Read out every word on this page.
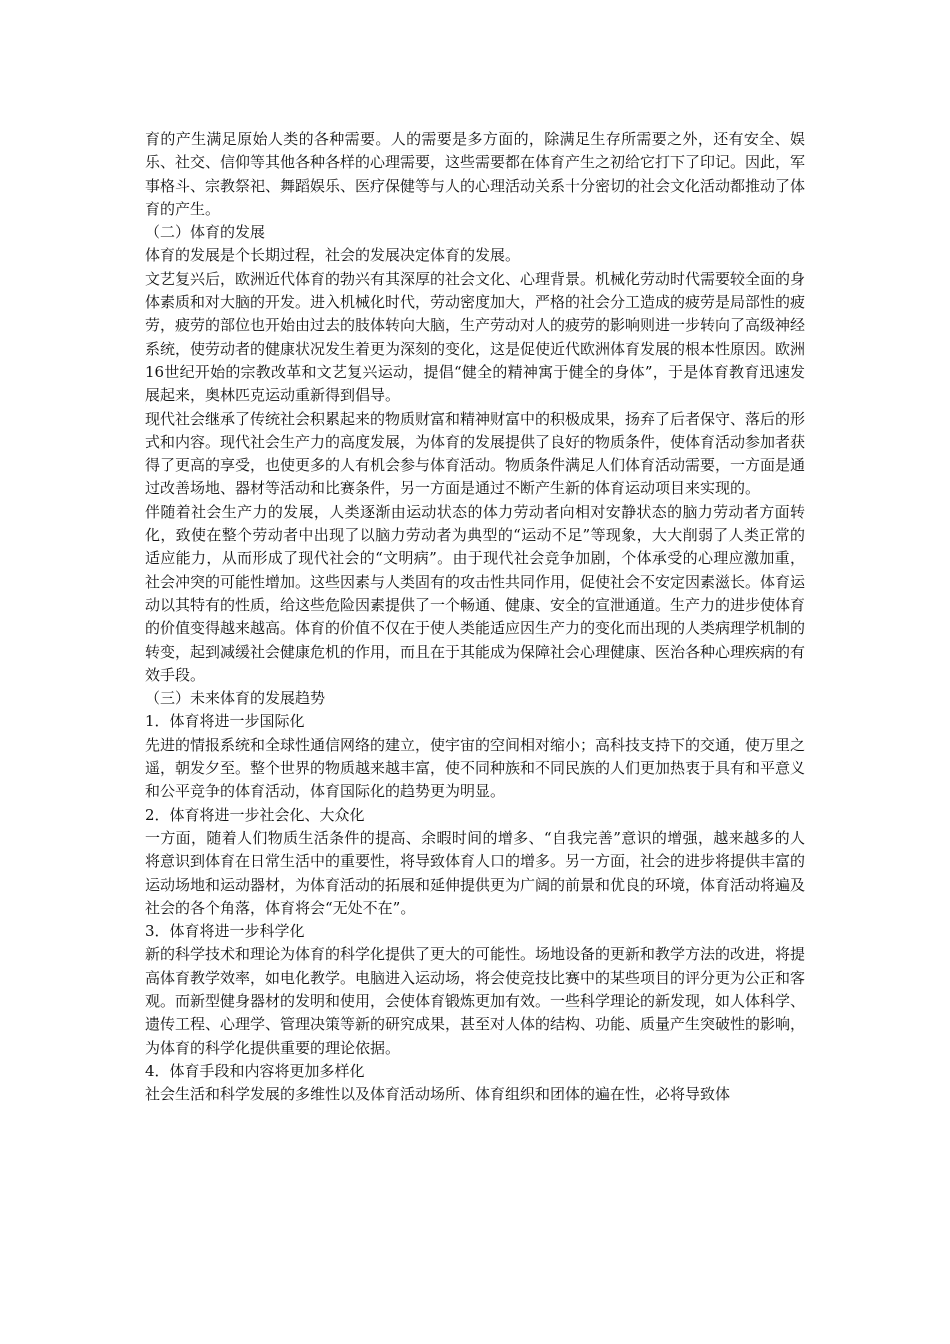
育的产生满足原始人类的各种需要。人的需要是多方面的，除满足生存所需要之外，还有安全、娱乐、社交、信仰等其他各种各样的心理需要，这些需要都在体育产生之初给它打下了印记。因此，军事格斗、宗教祭祀、舞蹈娱乐、医疗保健等与人的心理活动关系十分密切的社会文化活动都推动了体育的产生。

（二）体育的发展

体育的发展是个长期过程，社会的发展决定体育的发展。

文艺复兴后，欧洲近代体育的勃兴有其深厚的社会文化、心理背景。机械化劳动时代需要较全面的身体素质和对大脑的开发。进入机械化时代，劳动密度加大，严格的社会分工造成的疲劳是局部性的疲劳，疲劳的部位也开始由过去的肢体转向大脑，生产劳动对人的疲劳的影响则进一步转向了高级神经系统，使劳动者的健康状况发生着更为深刻的变化，这是促使近代欧洲体育发展的根本性原因。欧洲16世纪开始的宗教改革和文艺复兴运动，提倡“健全的精神寓于健全的身体”，于是体育教育迅速发展起来，奥林匹克运动重新得到倡导。

现代社会继承了传统社会积累起来的物质财富和精神财富中的积极成果，扬弃了后者保守、落后的形式和内容。现代社会生产力的高度发展，为体育的发展提供了良好的物质条件，使体育活动参加者获得了更高的享受，也使更多的人有机会参与体育活动。物质条件满足人们体育活动需要，一方面是通过改善场地、器材等活动和比赛条件，另一方面是通过不断产生新的体育运动项目来实现的。

伴随着社会生产力的发展，人类逐渐由运动状态的体力劳动者向相对安静状态的脑力劳动者方面转化，致使在整个劳动者中出现了以脑力劳动者为典型的“运动不足”等现象，大大削弱了人类正常的适应能力，从而形成了现代社会的“文明病”。由于现代社会竞争加剧，个体承受的心理应激加重，社会冲突的可能性增加。这些因素与人类固有的攻击性共同作用，促使社会不安定因素滋长。体育运动以其特有的性质，给这些危险因素提供了一个畅通、健康、安全的宣泄通道。生产力的进步使体育的价值变得越来越高。体育的价值不仅在于使人类能适应因生产力的变化而出现的人类病理学机制的转变，起到减缓社会健康危机的作用，而且在于其能成为保障社会心理健康、医治各种心理疾病的有效手段。

（三）未来体育的发展趋势

1．体育将进一步国际化

先进的情报系统和全球性通信网络的建立，使宇宙的空间相对缩小；高科技支持下的交通，使万里之遥，朝发夕至。整个世界的物质越来越丰富，使不同种族和不同民族的人们更加热衷于具有和平意义和公平竞争的体育活动，体育国际化的趋势更为明显。

2．体育将进一步社会化、大众化

一方面，随着人们物质生活条件的提高、余暇时间的增多、“自我完善”意识的增强，越来越多的人将意识到体育在日常生活中的重要性，将导致体育人口的增多。另一方面，社会的进步将提供丰富的运动场地和运动器材，为体育活动的拓展和延伸提供更为广阔的前景和优良的环境，体育活动将遍及社会的各个角落，体育将会“无处不在”。

3．体育将进一步科学化

新的科学技术和理论为体育的科学化提供了更大的可能性。场地设备的更新和教学方法的改进，将提高体育教学效率，如电化教学。电脑进入运动场，将会使竞技比赛中的某些项目的评分更为公正和客观。而新型健身器材的发明和使用，会使体育锻炼更加有效。一些科学理论的新发现，如人体科学、遗传工程、心理学、管理决策等新的研究成果，甚至对人体的结构、功能、质量产生突破性的影响，为体育的科学化提供重要的理论依据。

4．体育手段和内容将更加多样化

社会生活和科学发展的多维性以及体育活动场所、体育组织和团体的遍在性，必将导致体
